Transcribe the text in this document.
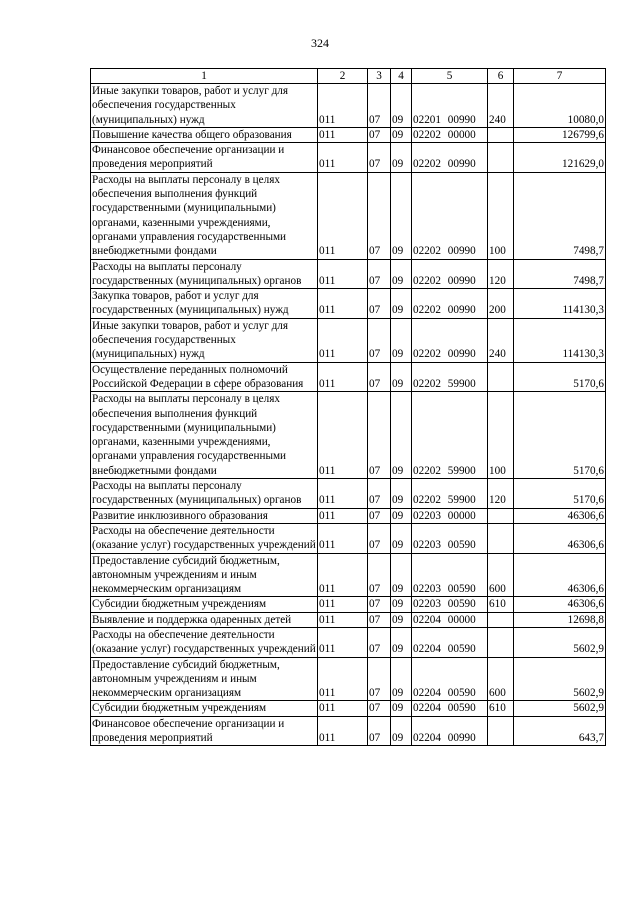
324
1	2	3	4	5	6	7
Иные закупки товаров, работ и услуг для обеспечения государственных (муниципальных) нужд	011	07	09	02201 00990	240	10080,0
Повышение качества общего образования	011	07	09	02202 00000		126799,6
Финансовое обеспечение организации и проведения мероприятий	011	07	09	02202 00990		121629,0
Расходы на выплаты персоналу в целях обеспечения выполнения функций государственными (муниципальными) органами, казенными учреждениями, органами управления государственными внебюджетными фондами	011	07	09	02202 00990	100	7498,7
Расходы на выплаты персоналу государственных (муниципальных) органов	011	07	09	02202 00990	120	7498,7
Закупка товаров, работ и услуг для государственных (муниципальных) нужд	011	07	09	02202 00990	200	114130,3
Иные закупки товаров, работ и услуг для обеспечения государственных (муниципальных) нужд	011	07	09	02202 00990	240	114130,3
Осуществление переданных полномочий Российской Федерации в сфере образования	011	07	09	02202 59900		5170,6
Расходы на выплаты персоналу в целях обеспечения выполнения функций государственными (муниципальными) органами, казенными учреждениями, органами управления государственными внебюджетными фондами	011	07	09	02202 59900	100	5170,6
Расходы на выплаты персоналу государственных (муниципальных) органов	011	07	09	02202 59900	120	5170,6
Развитие инклюзивного образования	011	07	09	02203 00000		46306,6
Расходы на обеспечение деятельности (оказание услуг) государственных учреждений	011	07	09	02203 00590		46306,6
Предоставление субсидий бюджетным, автономным учреждениям и иным некоммерческим организациям	011	07	09	02203 00590	600	46306,6
Субсидии бюджетным учреждениям	011	07	09	02203 00590	610	46306,6
Выявление и поддержка одаренных детей	011	07	09	02204 00000		12698,8
Расходы на обеспечение деятельности (оказание услуг) государственных учреждений	011	07	09	02204 00590		5602,9
Предоставление субсидий бюджетным, автономным учреждениям и иным некоммерческим организациям	011	07	09	02204 00590	600	5602,9
Субсидии бюджетным учреждениям	011	07	09	02204 00590	610	5602,9
Финансовое обеспечение организации и проведения мероприятий	011	07	09	02204 00990		643,7
